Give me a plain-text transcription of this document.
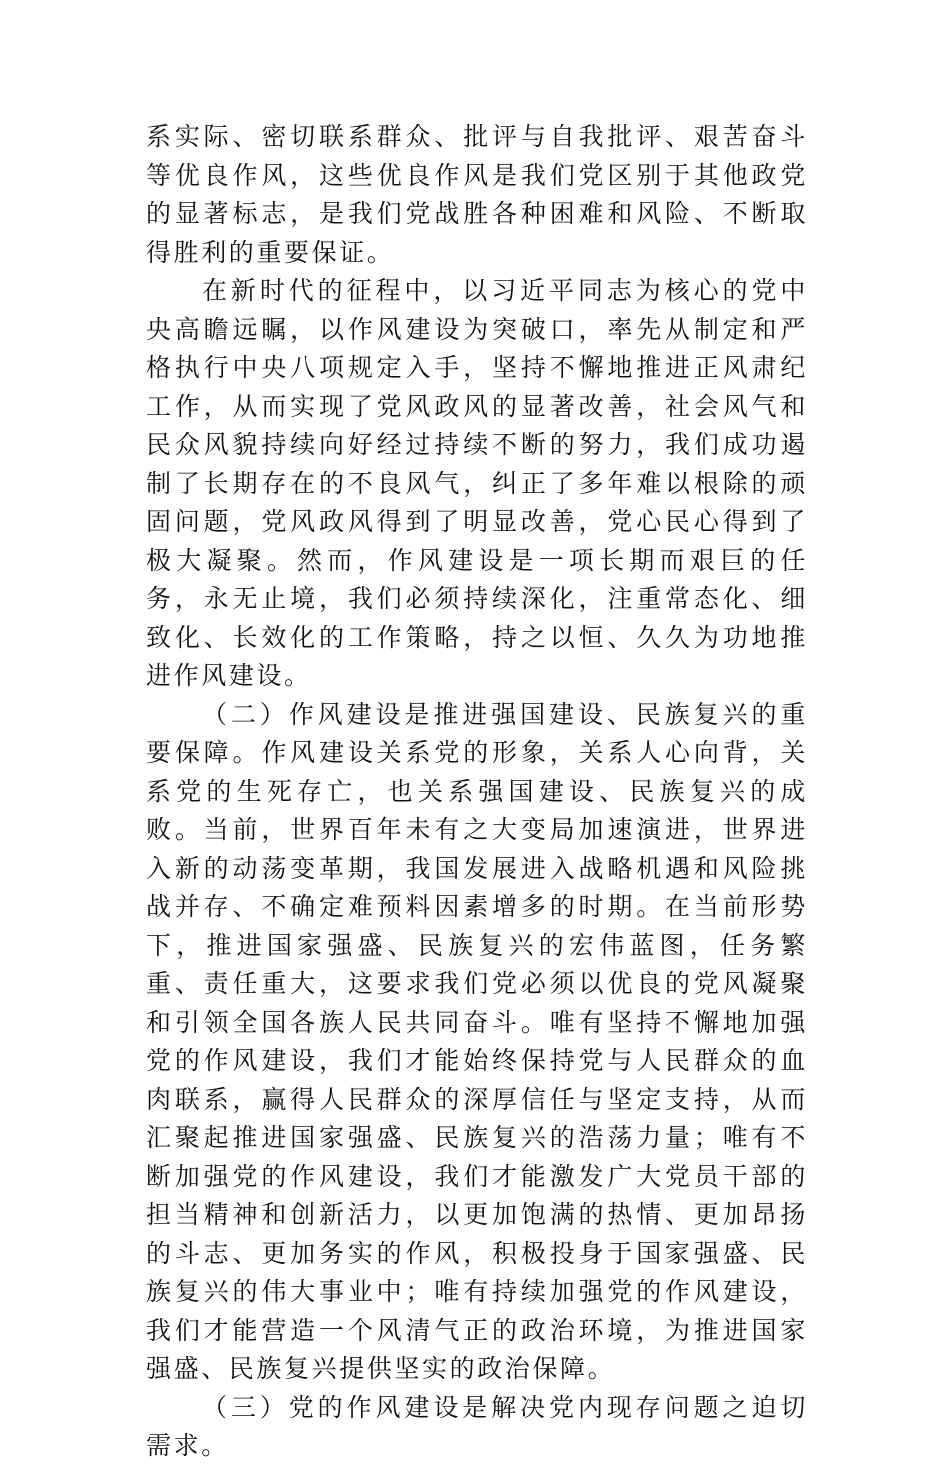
系实际、密切联系群众、批评与自我批评、艰苦奋斗等优良作风，这些优良作风是我们党区别于其他政党的显著标志，是我们党战胜各种困难和风险、不断取得胜利的重要保证。

在新时代的征程中，以习近平同志为核心的党中央高瞻远瞩，以作风建设为突破口，率先从制定和严格执行中央八项规定入手，坚持不懈地推进正风肃纪工作，从而实现了党风政风的显著改善，社会风气和民众风貌持续向好经过持续不断的努力，我们成功遏制了长期存在的不良风气，纠正了多年难以根除的顽固问题，党风政风得到了明显改善，党心民心得到了极大凝聚。然而，作风建设是一项长期而艰巨的任务，永无止境，我们必须持续深化，注重常态化、细致化、长效化的工作策略，持之以恒、久久为功地推进作风建设。

（二）作风建设是推进强国建设、民族复兴的重要保障。作风建设关系党的形象，关系人心向背，关系党的生死存亡，也关系强国建设、民族复兴的成败。当前，世界百年未有之大变局加速演进，世界进入新的动荡变革期，我国发展进入战略机遇和风险挑战并存、不确定难预料因素增多的时期。在当前形势下，推进国家强盛、民族复兴的宏伟蓝图，任务繁重、责任重大，这要求我们党必须以优良的党风凝聚和引领全国各族人民共同奋斗。唯有坚持不懈地加强党的作风建设，我们才能始终保持党与人民群众的血肉联系，赢得人民群众的深厚信任与坚定支持，从而汇聚起推进国家强盛、民族复兴的浩荡力量；唯有不断加强党的作风建设，我们才能激发广大党员干部的担当精神和创新活力，以更加饱满的热情、更加昂扬的斗志、更加务实的作风，积极投身于国家强盛、民族复兴的伟大事业中；唯有持续加强党的作风建设，我们才能营造一个风清气正的政治环境，为推进国家强盛、民族复兴提供坚实的政治保障。

（三）党的作风建设是解决党内现存问题之迫切需求。
